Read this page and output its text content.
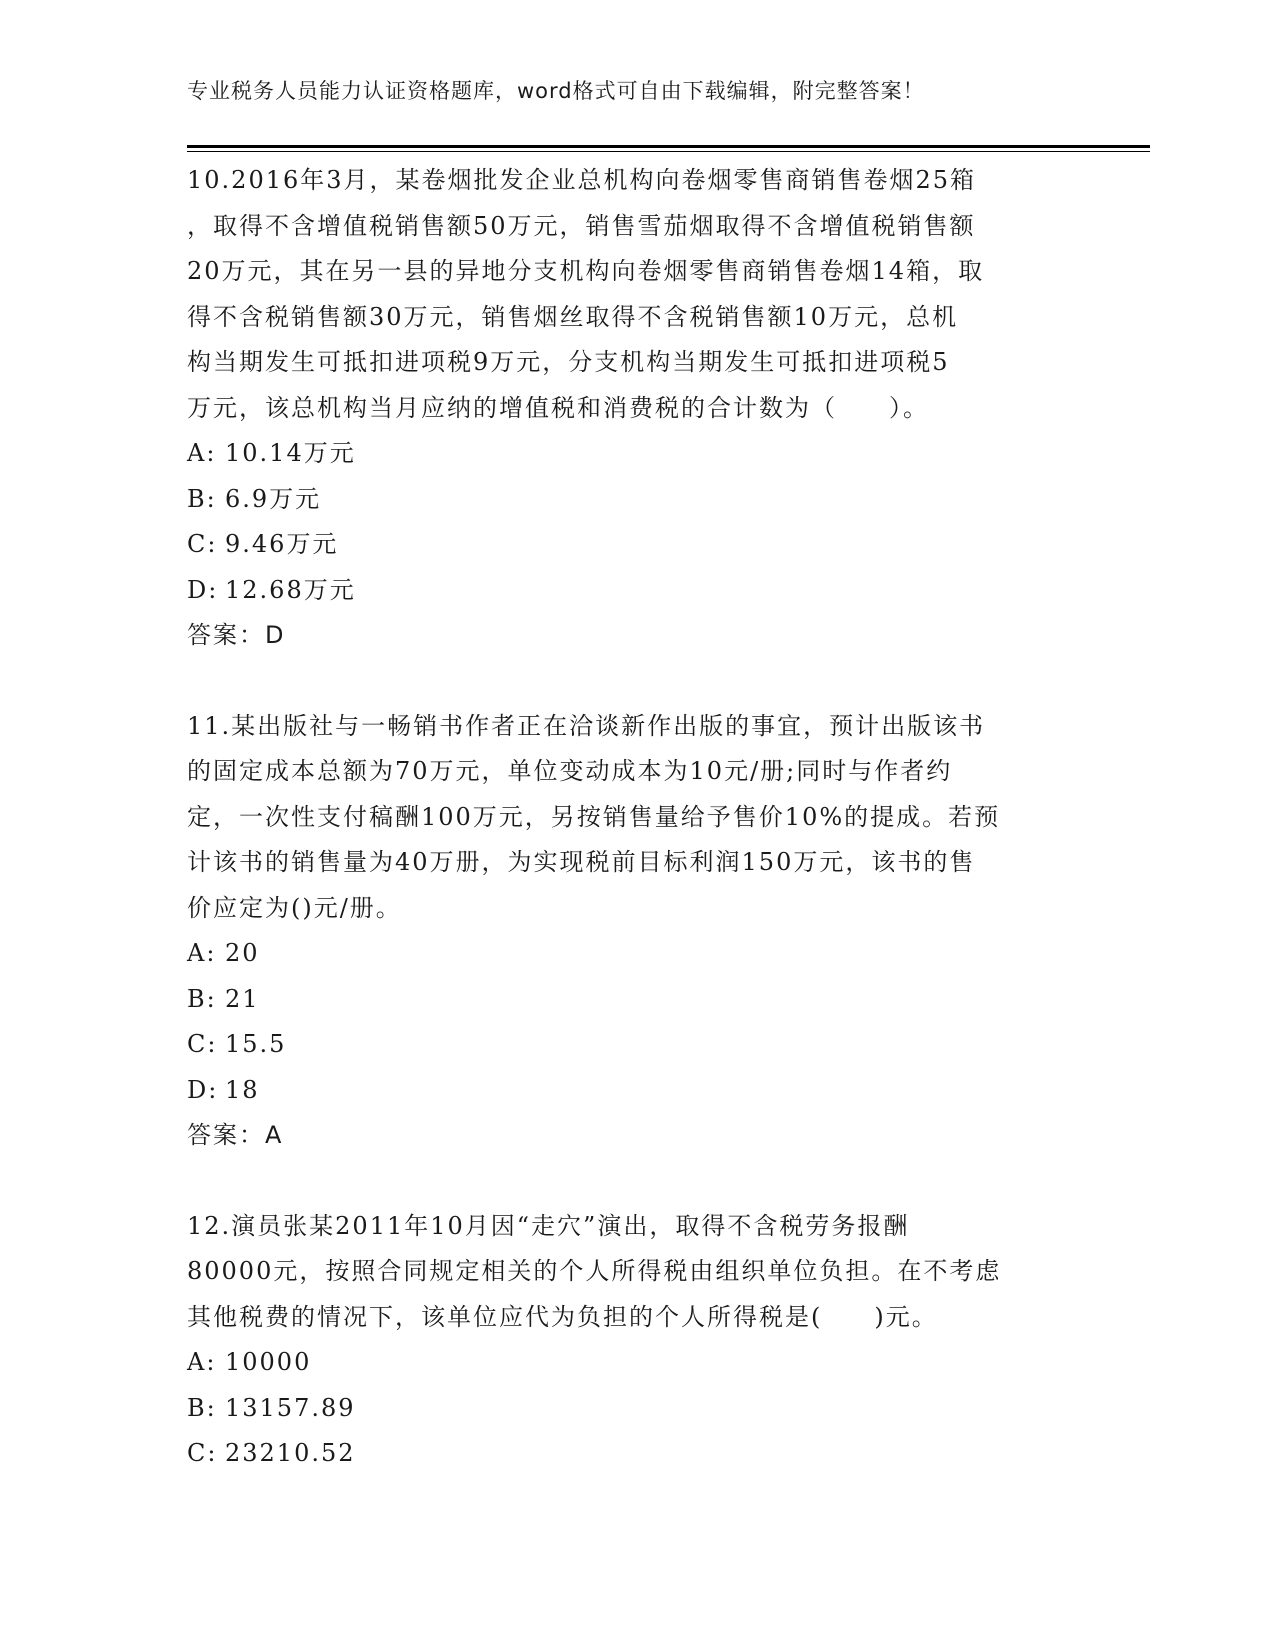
专业税务人员能力认证资格题库，word格式可自由下载编辑，附完整答案！

10.2016年3月，某卷烟批发企业总机构向卷烟零售商销售卷烟25箱

，取得不含增值税销售额50万元，销售雪茄烟取得不含增值税销售额

20万元，其在另一县的异地分支机构向卷烟零售商销售卷烟14箱，取

得不含税销售额30万元，销售烟丝取得不含税销售额10万元，总机

构当期发生可抵扣进项税9万元，分支机构当期发生可抵扣进项税5

万元，该总机构当月应纳的增值税和消费税的合计数为（　　）。

A: 10.14万元

B: 6.9万元

C: 9.46万元

D: 12.68万元

答案：D

11.某出版社与一畅销书作者正在洽谈新作出版的事宜，预计出版该书

的固定成本总额为70万元，单位变动成本为10元/册;同时与作者约

定，一次性支付稿酬100万元，另按销售量给予售价10%的提成。若预

计该书的销售量为40万册，为实现税前目标利润150万元，该书的售

价应定为()元/册。

A: 20

B: 21

C: 15.5

D: 18

答案：A

12.演员张某2011年10月因“走穴”演出，取得不含税劳务报酬

80000元，按照合同规定相关的个人所得税由组织单位负担。在不考虑

其他税费的情况下，该单位应代为负担的个人所得税是(　　)元。

A: 10000

B: 13157.89

C: 23210.52
